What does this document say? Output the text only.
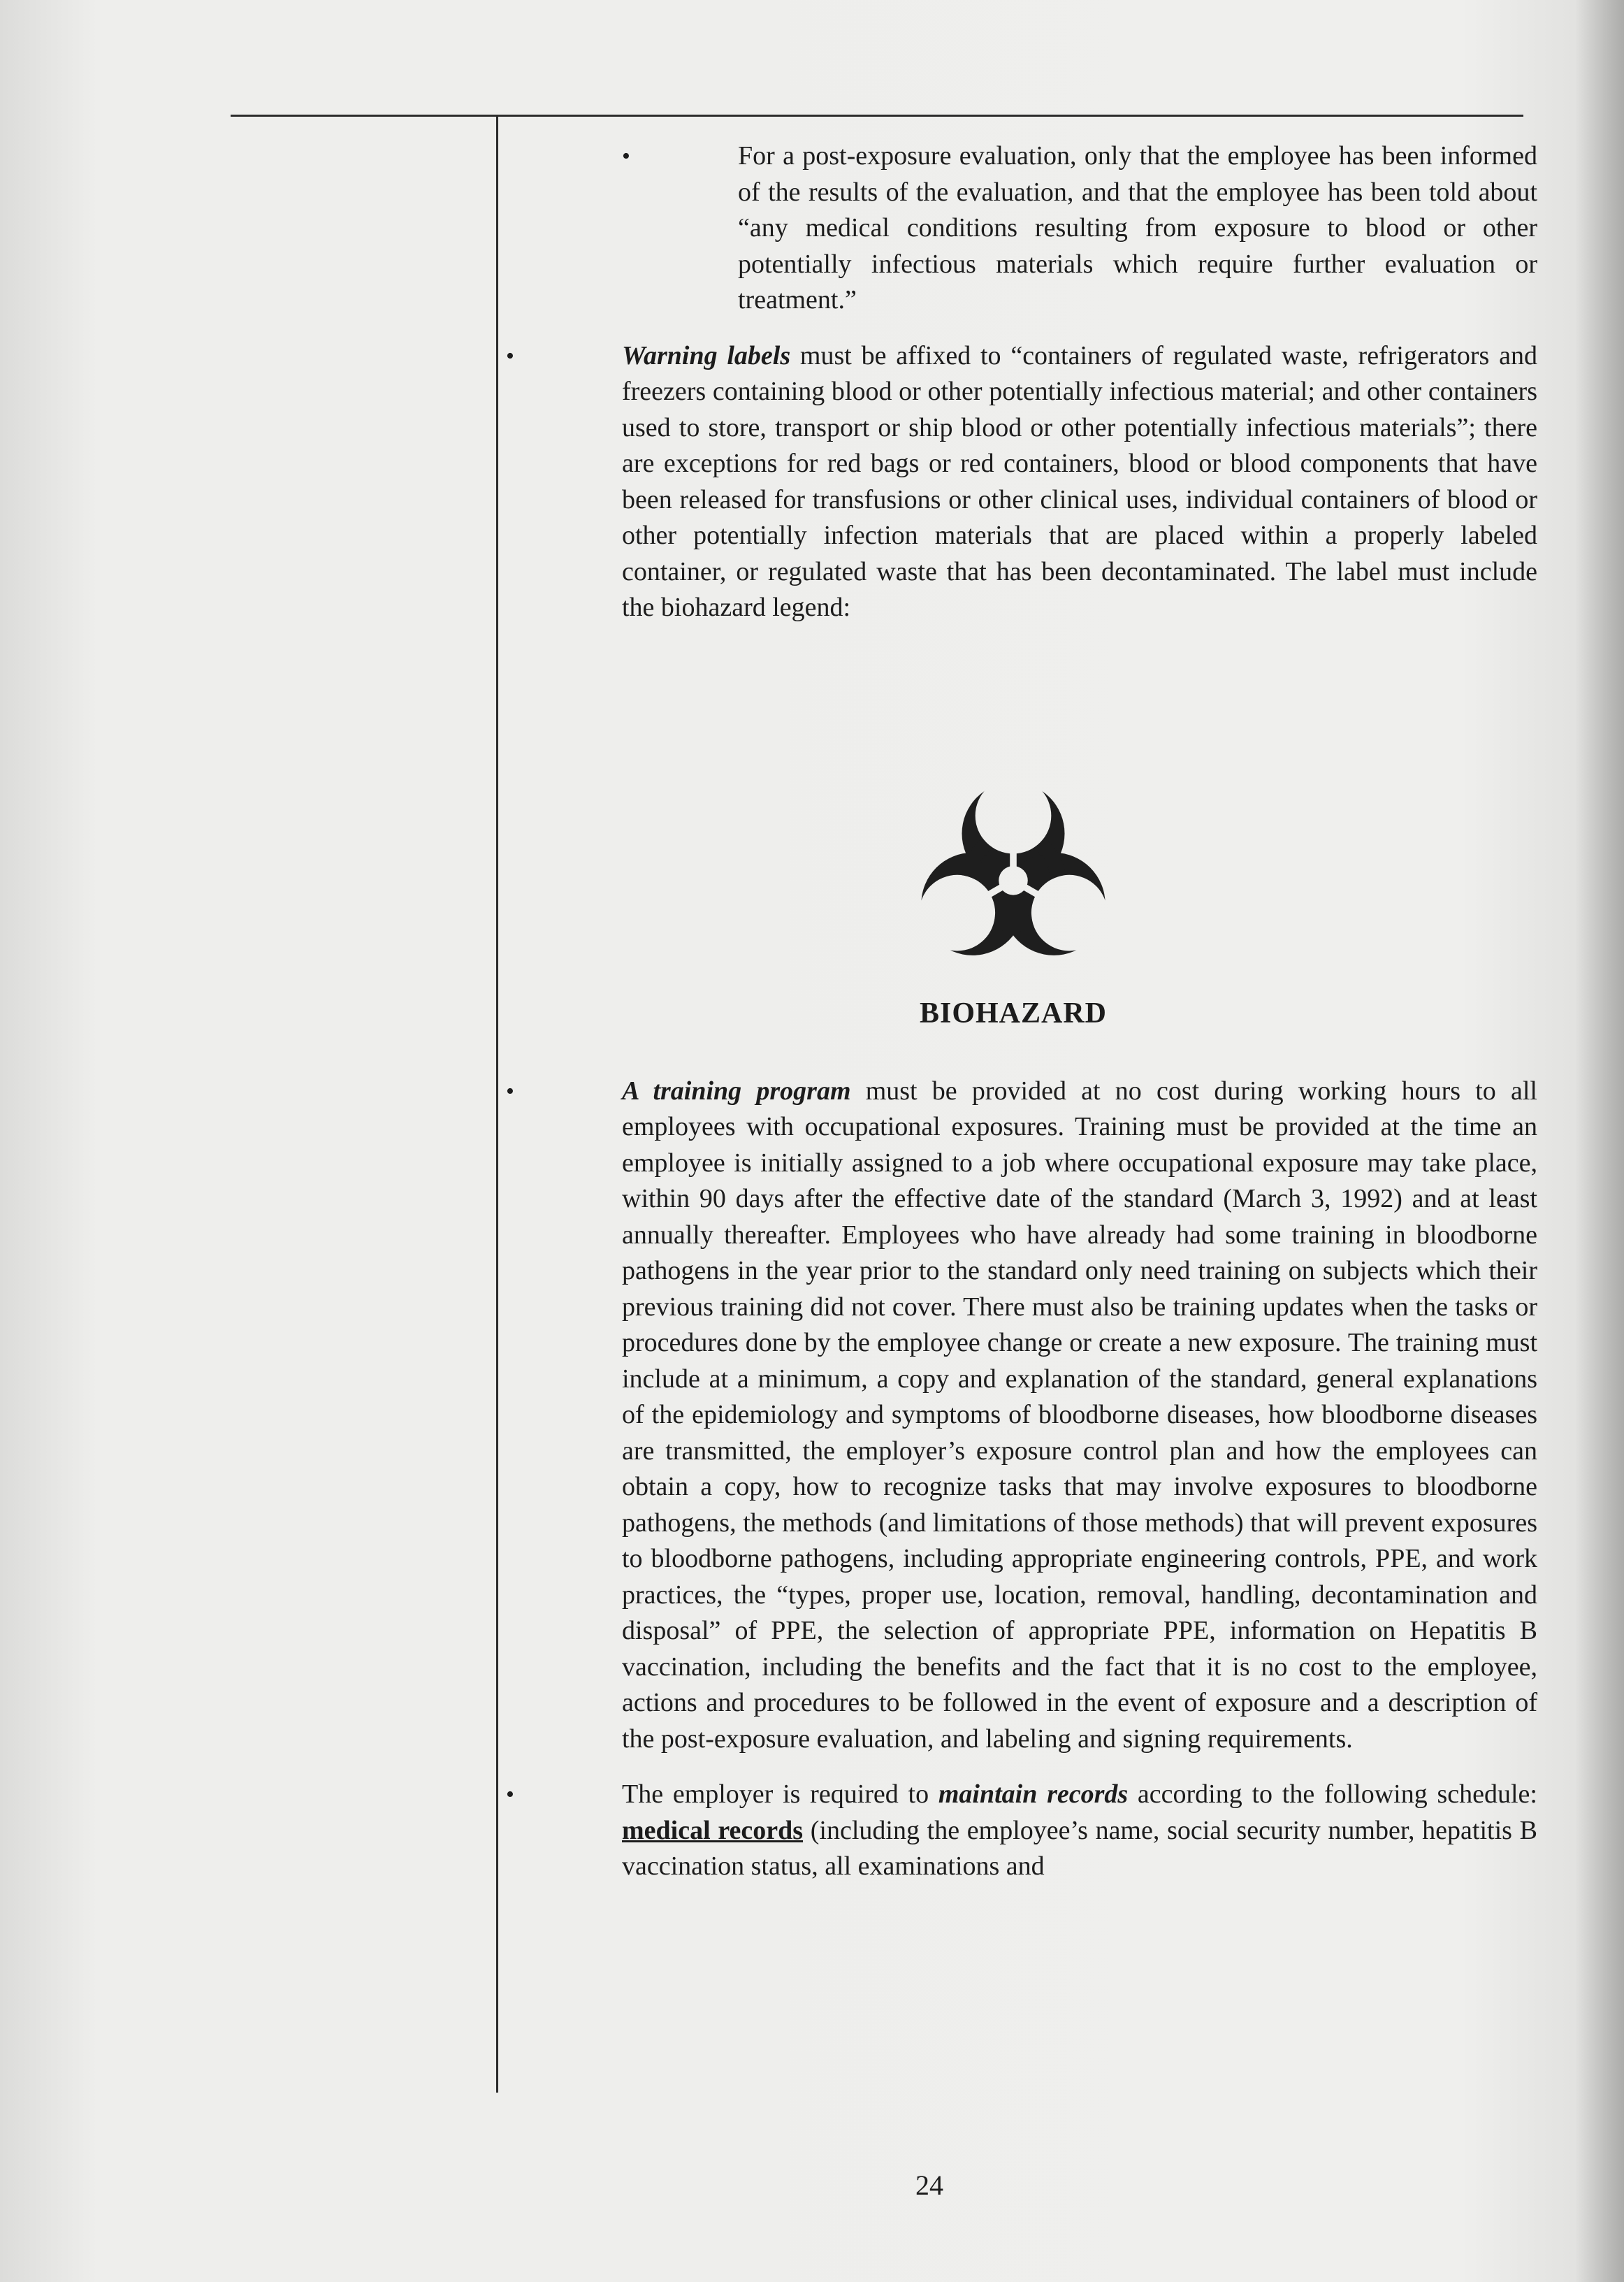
•	For a post-exposure evaluation, only that the employee has been informed of the results of the evaluation, and that the employee has been told about “any medical conditions resulting from exposure to blood or other potentially infectious materials which require further evaluation or treatment.”
•	Warning labels must be affixed to “containers of regulated waste, refrigerators and freezers containing blood or other potentially infectious material; and other containers used to store, transport or ship blood or other potentially infectious materials”; there are exceptions for red bags or red containers, blood or blood components that have been released for transfusions or other clinical uses, individual containers of blood or other potentially infection materials that are placed within a properly labeled container, or regulated waste that has been decontaminated. The label must include the biohazard legend:
•	A training program must be provided at no cost during working hours to all employees with occupational exposures. Training must be provided at the time an employee is initially assigned to a job where occupational exposure may take place, within 90 days after the effective date of the standard (March 3, 1992) and at least annually thereafter. Employees who have already had some training in bloodborne pathogens in the year prior to the standard only need training on subjects which their previous training did not cover. There must also be training updates when the tasks or procedures done by the employee change or create a new exposure. The training must include at a minimum, a copy and explanation of the standard, general explanations of the epidemiology and symptoms of bloodborne diseases, how bloodborne diseases are transmitted, the employer’s exposure control plan and how the employees can obtain a copy, how to recognize tasks that may involve exposures to bloodborne pathogens, the methods (and limitations of those methods) that will prevent exposures to bloodborne pathogens, including appropriate engineering controls, PPE, and work practices, the “types, proper use, location, removal, handling, decontamination and disposal” of PPE, the selection of appropriate PPE, information on Hepatitis B vaccination, including the benefits and the fact that it is no cost to the employee, actions and procedures to be followed in the event of exposure and a description of the post-exposure evaluation, and labeling and signing requirements.
•	The employer is required to maintain records according to the following schedule: medical records (including the employee’s name, social security number, hepatitis B vaccination status, all examinations and
BIOHAZARD
24
